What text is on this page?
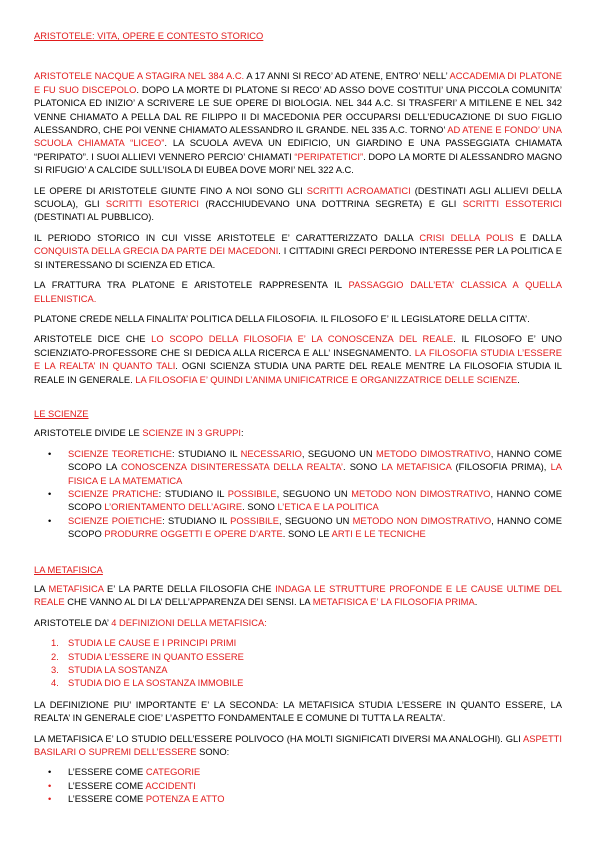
ARISTOTELE: VITA, OPERE E CONTESTO STORICO

ARISTOTELE NACQUE A STAGIRA NEL 384 A.C. A 17 ANNI SI RECO’ AD ATENE, ENTRO’ NELL’ ACCADEMIA DI PLATONE E FU SUO DISCEPOLO. DOPO LA MORTE DI PLATONE SI RECO’ AD ASSO DOVE COSTITUI’ UNA PICCOLA COMUNITA’ PLATONICA ED INIZIO’ A SCRIVERE LE SUE OPERE DI BIOLOGIA. NEL 344 A.C. SI TRASFERI’ A MITILENE E NEL 342 VENNE CHIAMATO A PELLA DAL RE FILIPPO II DI MACEDONIA PER OCCUPARSI DELL’EDUCAZIONE DI SUO FIGLIO ALESSANDRO, CHE POI VENNE CHIAMATO ALESSANDRO IL GRANDE. NEL 335 A.C. TORNO’ AD ATENE E FONDO’ UNA SCUOLA CHIAMATA “LICEO”. LA SCUOLA AVEVA UN EDIFICIO, UN GIARDINO E UNA PASSEGGIATA CHIAMATA “PERIPATO”. I SUOI ALLIEVI VENNERO PERCIO’ CHIAMATI “PERIPATETICI”. DOPO LA MORTE DI ALESSANDRO MAGNO SI RIFUGIO’ A CALCIDE SULL’ISOLA DI EUBEA DOVE MORI’ NEL 322 A.C.

LE OPERE DI ARISTOTELE GIUNTE FINO A NOI SONO GLI SCRITTI ACROAMATICI (DESTINATI AGLI ALLIEVI DELLA SCUOLA), GLI SCRITTI ESOTERICI (RACCHIUDEVANO UNA DOTTRINA SEGRETA) E GLI SCRITTI ESSOTERICI (DESTINATI AL PUBBLICO).

IL PERIODO STORICO IN CUI VISSE ARISTOTELE E’ CARATTERIZZATO DALLA CRISI DELLA POLIS E DALLA CONQUISTA DELLA GRECIA DA PARTE DEI MACEDONI. I CITTADINI GRECI PERDONO INTERESSE PER LA POLITICA E SI INTERESSANO DI SCIENZA ED ETICA.

LA FRATTURA TRA PLATONE E ARISTOTELE RAPPRESENTA IL PASSAGGIO DALL’ETA’ CLASSICA A QUELLA ELLENISTICA.

PLATONE CREDE NELLA FINALITA’ POLITICA DELLA FILOSOFIA. IL FILOSOFO E’ IL LEGISLATORE DELLA CITTA’.

ARISTOTELE DICE CHE LO SCOPO DELLA FILOSOFIA E’ LA CONOSCENZA DEL REALE. IL FILOSOFO E’ UNO SCIENZIATO-PROFESSORE CHE SI DEDICA ALLA RICERCA E ALL’ INSEGNAMENTO. LA FILOSOFIA STUDIA L’ESSERE E LA REALTA’ IN QUANTO TALI. OGNI SCIENZA STUDIA UNA PARTE DEL REALE MENTRE LA FILOSOFIA STUDIA IL REALE IN GENERALE. LA FILOSOFIA E’ QUINDI L’ANIMA UNIFICATRICE E ORGANIZZATRICE DELLE SCIENZE.

LE SCIENZE

ARISTOTELE DIVIDE LE SCIENZE IN 3 GRUPPI:

• SCIENZE TEORETICHE: STUDIANO IL NECESSARIO, SEGUONO UN METODO DIMOSTRATIVO, HANNO COME SCOPO LA CONOSCENZA DISINTERESSATA DELLA REALTA’. SONO LA METAFISICA (FILOSOFIA PRIMA), LA FISICA E LA MATEMATICA
• SCIENZE PRATICHE: STUDIANO IL POSSIBILE, SEGUONO UN METODO NON DIMOSTRATIVO, HANNO COME SCOPO L’ORIENTAMENTO DELL’AGIRE. SONO L’ETICA E LA POLITICA
• SCIENZE POIETICHE: STUDIANO IL POSSIBILE, SEGUONO UN METODO NON DIMOSTRATIVO, HANNO COME SCOPO PRODURRE OGGETTI E OPERE D’ARTE. SONO LE ARTI E LE TECNICHE
LA METAFISICA

LA METAFISICA E’ LA PARTE DELLA FILOSOFIA CHE INDAGA LE STRUTTURE PROFONDE E LE CAUSE ULTIME DEL REALE CHE VANNO AL DI LA’ DELL’APPARENZA DEI SENSI. LA METAFISICA E’ LA FILOSOFIA PRIMA.

ARISTOTELE DA’ 4 DEFINIZIONI DELLA METAFISICA:

1. STUDIA LE CAUSE E I PRINCIPI PRIMI
2. STUDIA L’ESSERE IN QUANTO ESSERE
3. STUDIA LA SOSTANZA
4. STUDIA DIO E LA SOSTANZA IMMOBILE

LA DEFINIZIONE PIU’ IMPORTANTE E’ LA SECONDA: LA METAFISICA STUDIA L’ESSERE IN QUANTO ESSERE, LA REALTA’ IN GENERALE CIOE’ L’ASPETTO FONDAMENTALE E COMUNE DI TUTTA LA REALTA’.

LA METAFISICA E’ LO STUDIO DELL’ESSERE POLIVOCO (HA MOLTI SIGNIFICATI DIVERSI MA ANALOGHI). GLI ASPETTI BASILARI O SUPREMI DELL’ESSERE SONO:

• L’ESSERE COME CATEGORIE
• L’ESSERE COME ACCIDENTI
• L’ESSERE COME POTENZA E ATTO
